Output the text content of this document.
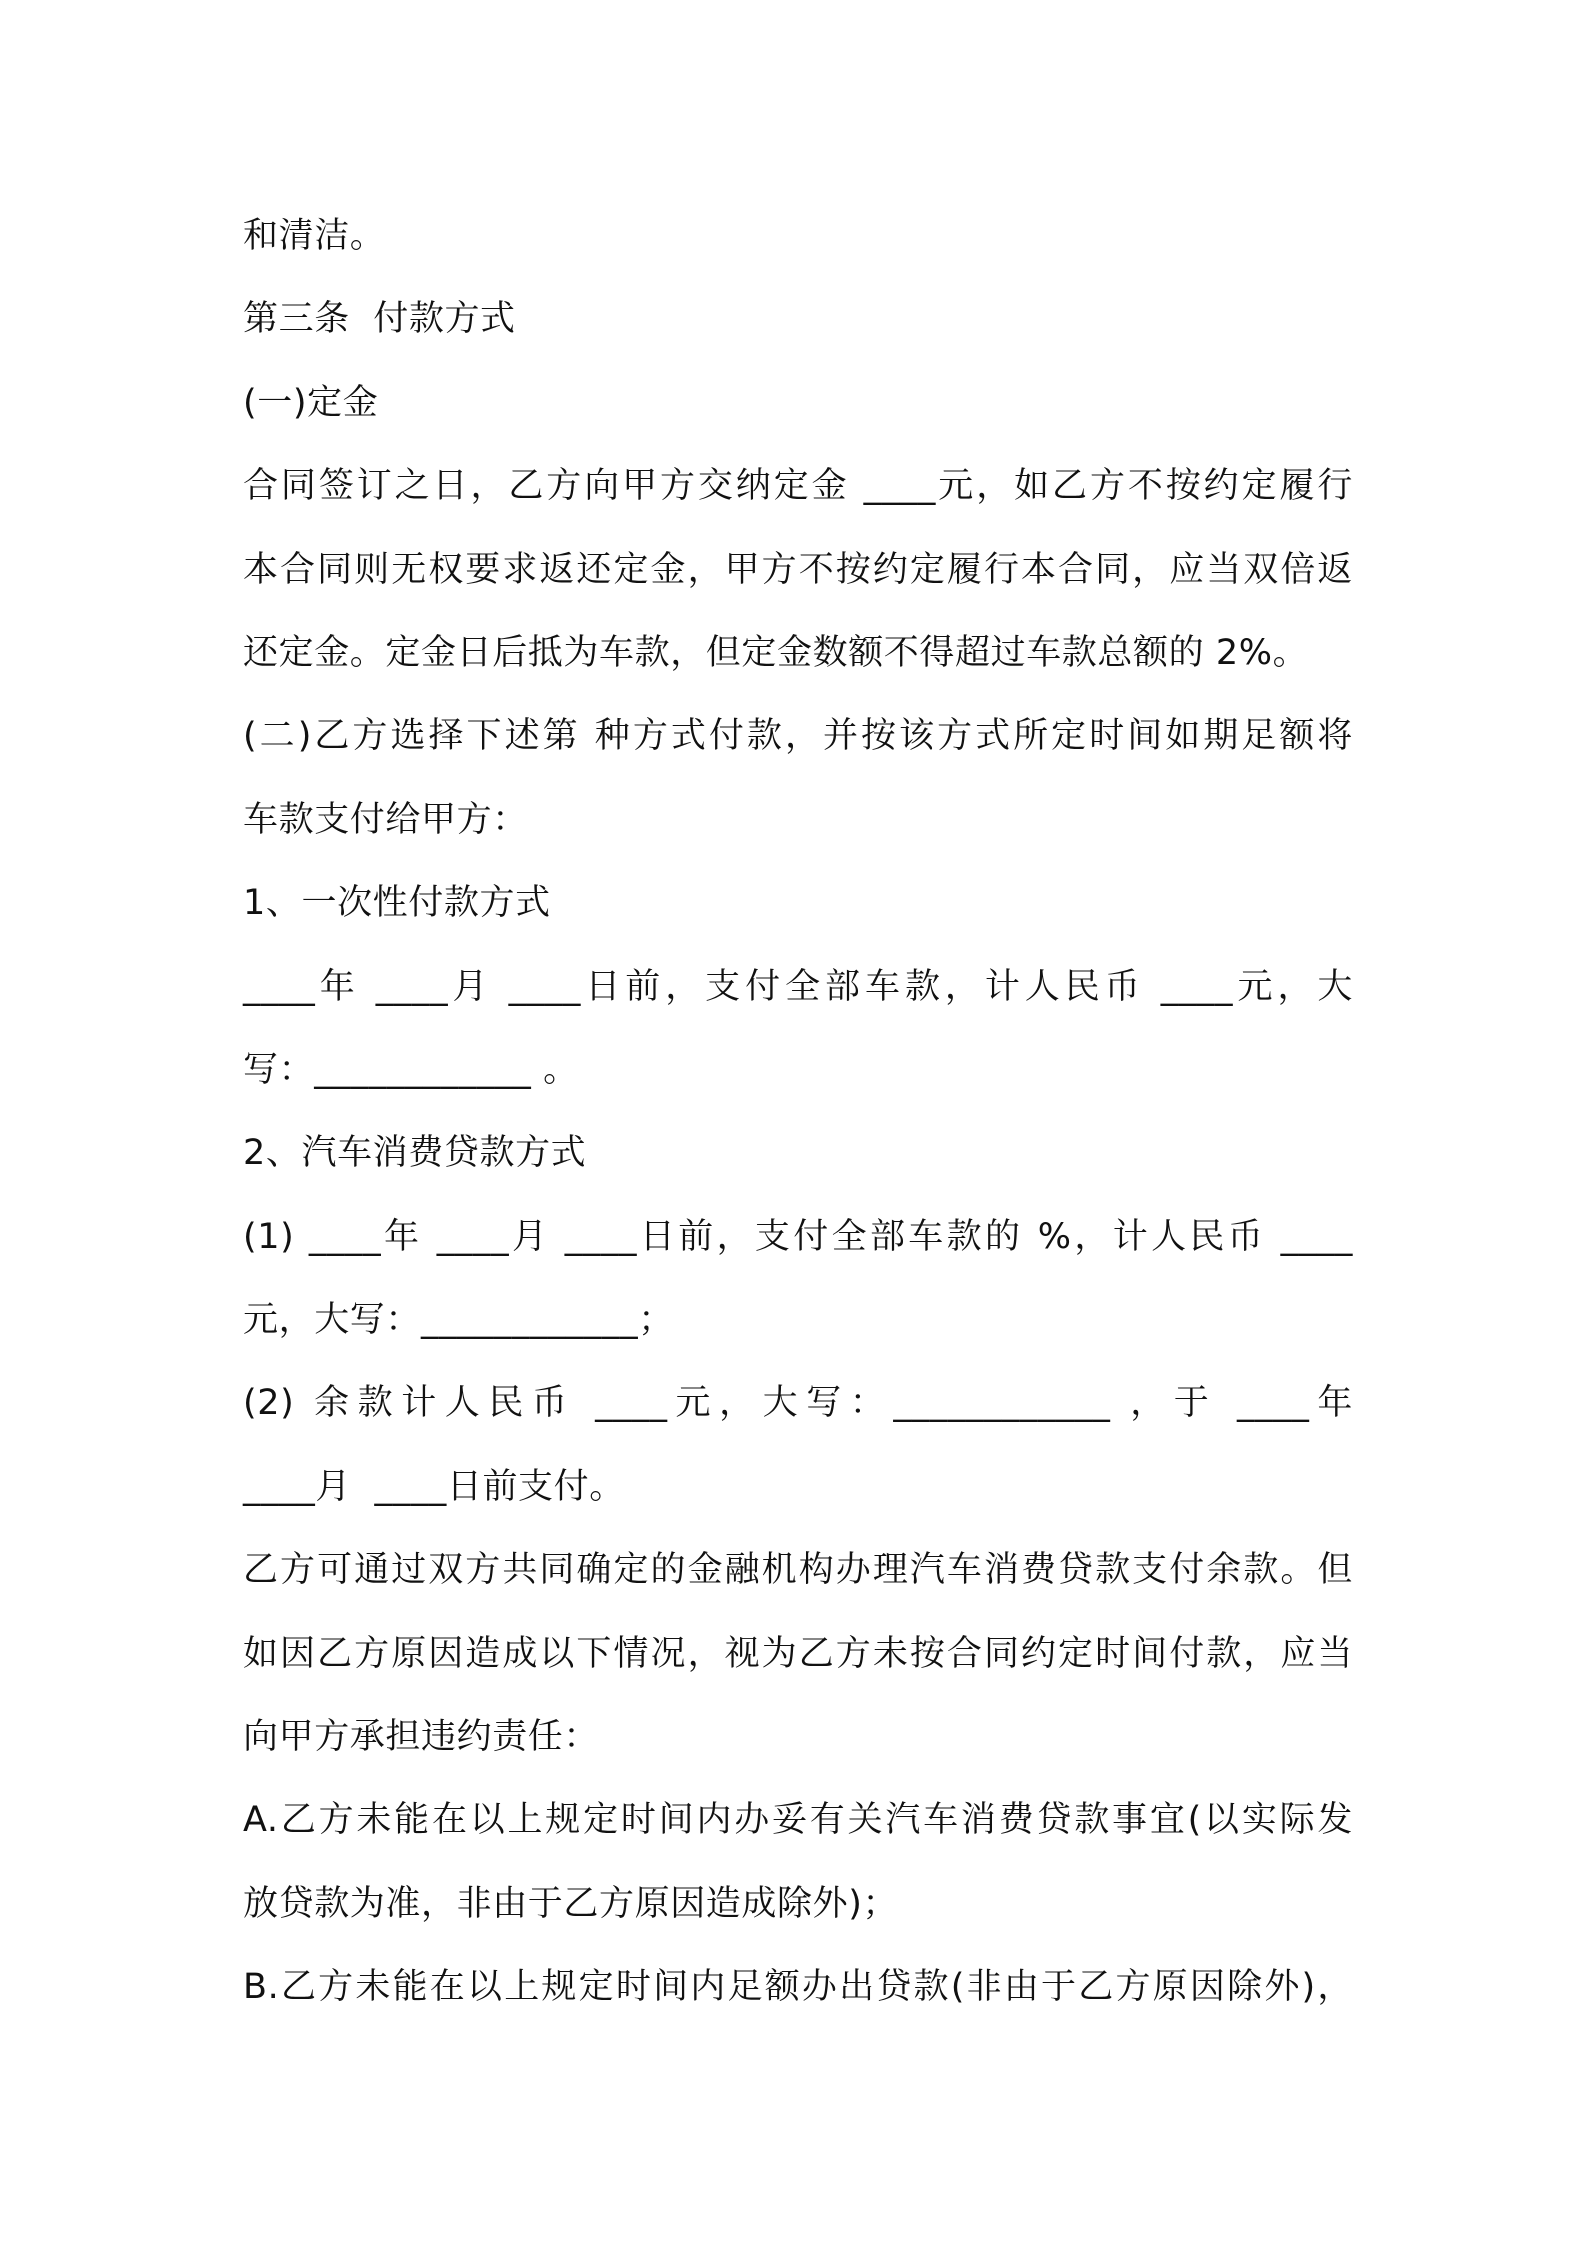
和清洁。
第三条  付款方式
(一)定金
合同签订之日，乙方向甲方交纳定金 ____元，如乙方不按约定履行
本合同则无权要求返还定金，甲方不按约定履行本合同，应当双倍返
还定金。定金日后抵为车款，但定金数额不得超过车款总额的 2%。
(二)乙方选择下述第 种方式付款，并按该方式所定时间如期足额将
车款支付给甲方：
1、一次性付款方式
____年 ____月 ____日前，支付全部车款，计人民币 ____元，大
写：____________ 。
2、汽车消费贷款方式
(1) ____年 ____月 ____日前，支付全部车款的 %，计人民币 ____
元，大写：____________；
(2) 余款计人民币 ____元，大写：____________ ，于 ____年
____月  ____日前支付。
乙方可通过双方共同确定的金融机构办理汽车消费贷款支付余款。但
如因乙方原因造成以下情况，视为乙方未按合同约定时间付款，应当
向甲方承担违约责任：
A.乙方未能在以上规定时间内办妥有关汽车消费贷款事宜(以实际发
放贷款为准，非由于乙方原因造成除外)；
B.乙方未能在以上规定时间内足额办出贷款(非由于乙方原因除外)，
